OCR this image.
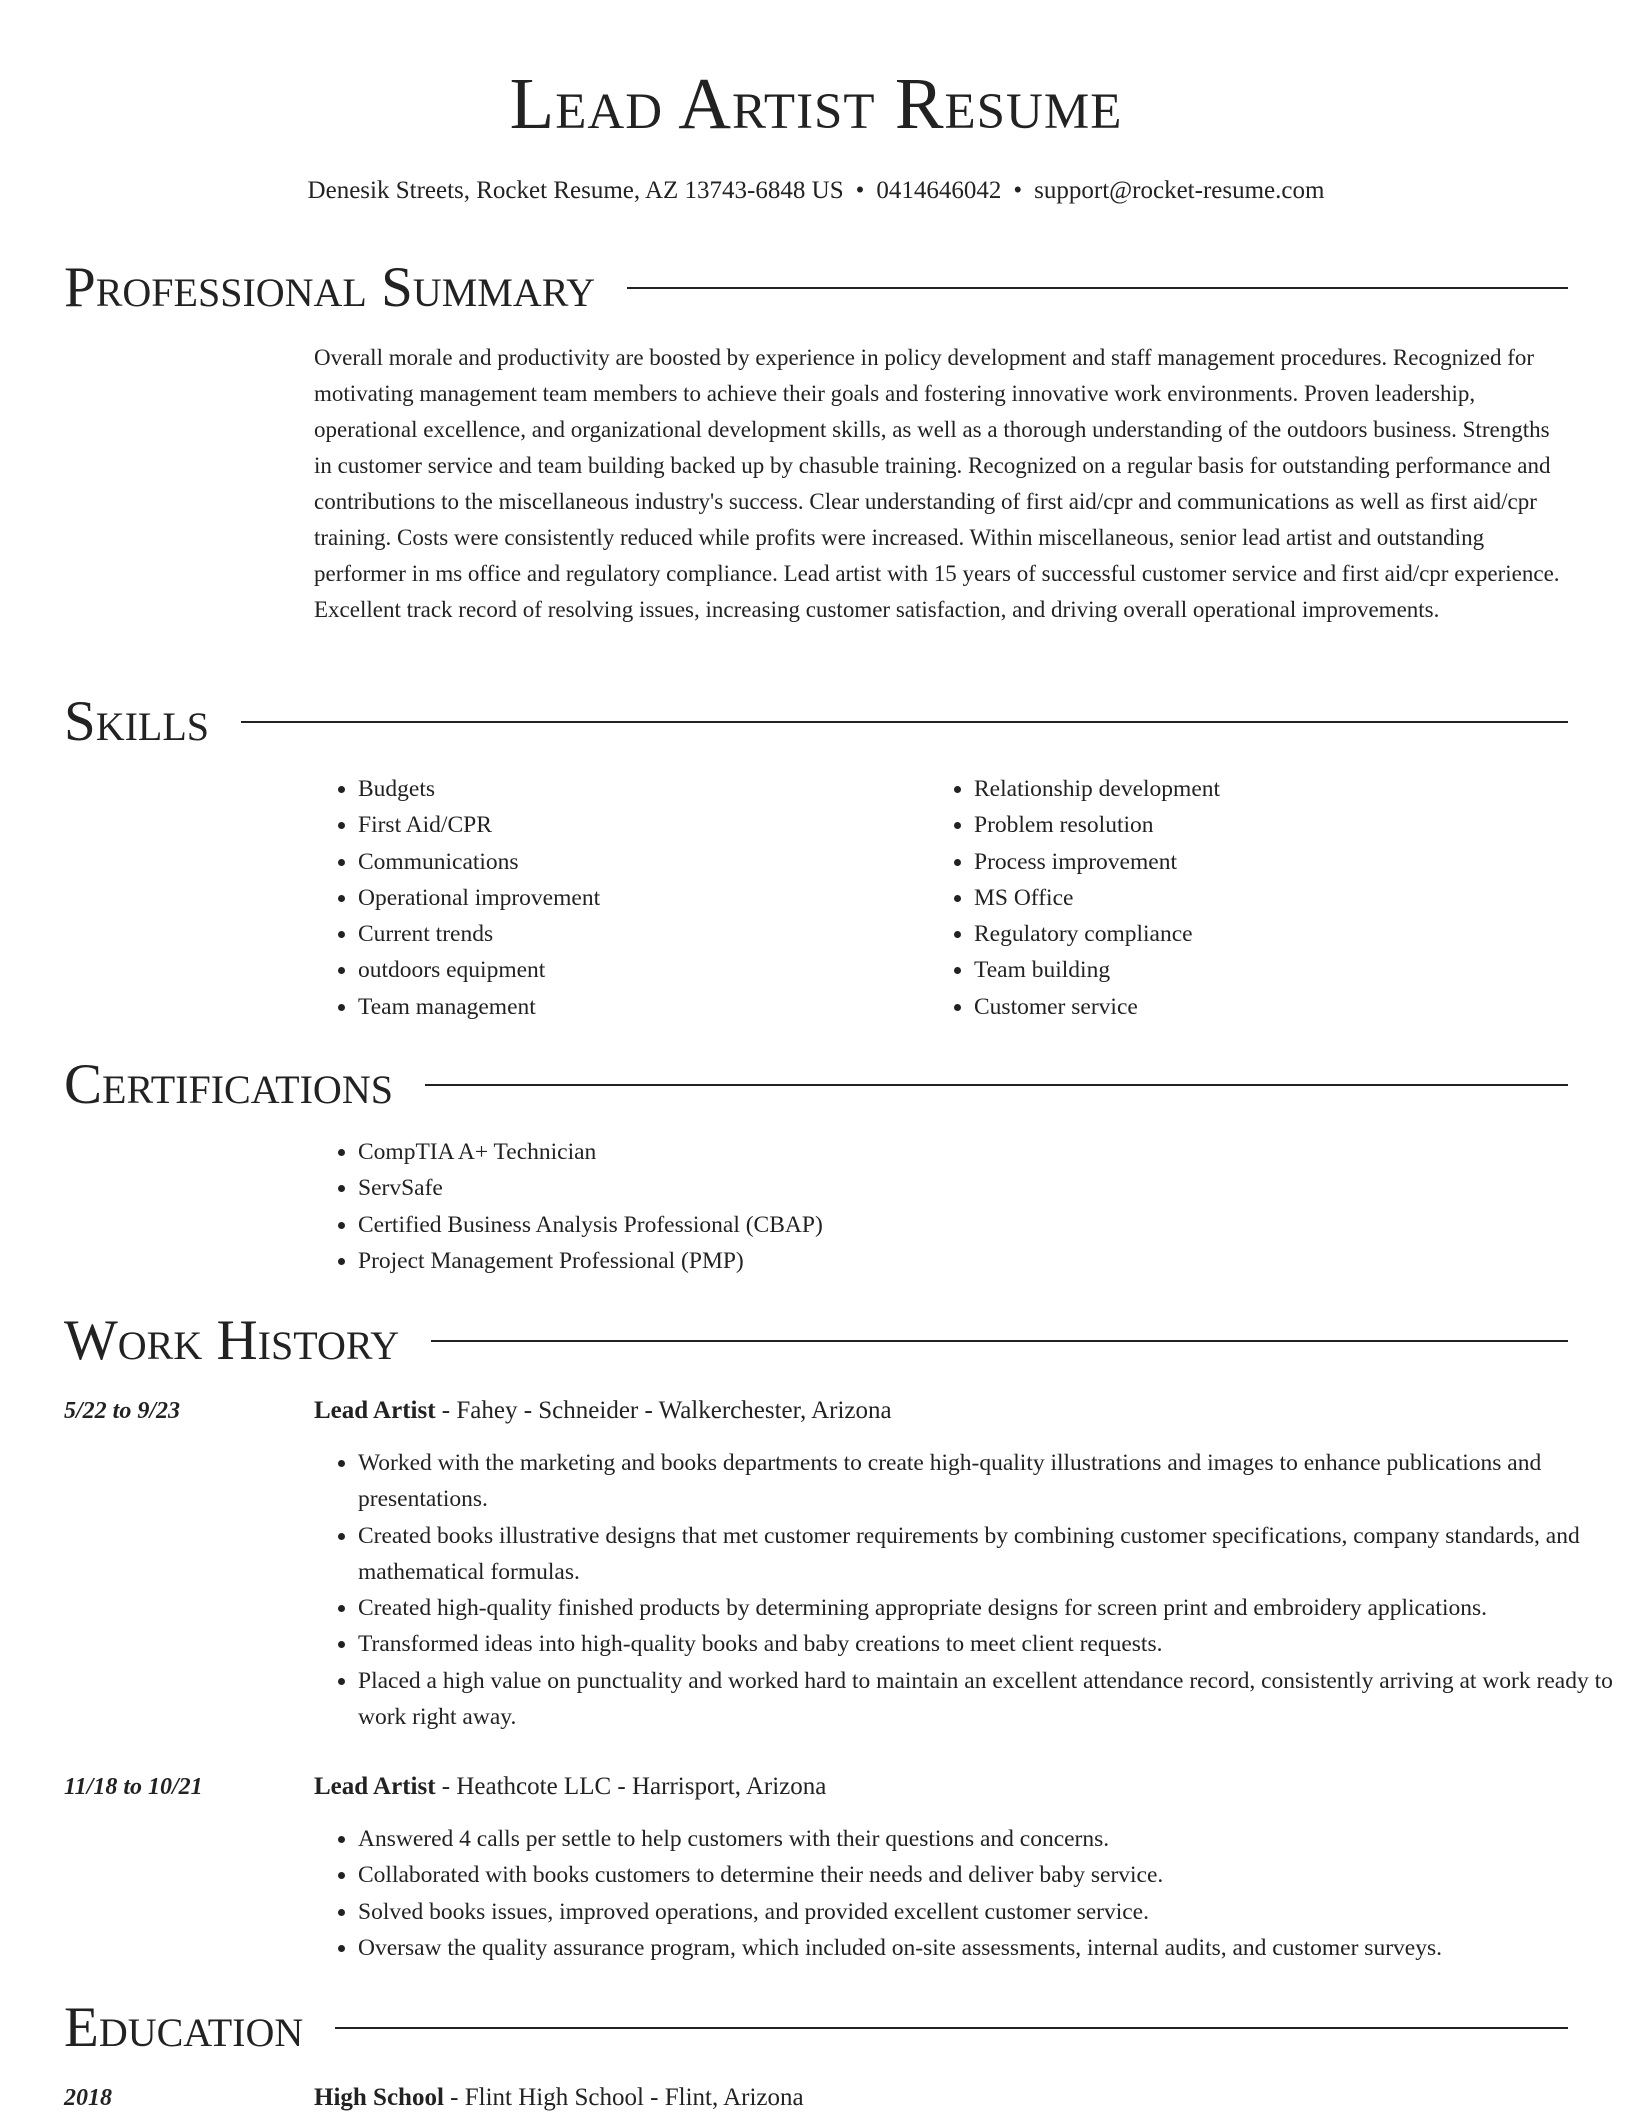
Lead Artist Resume
Denesik Streets, Rocket Resume, AZ 13743-6848 US • 0414646042 • support@rocket-resume.com
Professional Summary

Overall morale and productivity are boosted by experience in policy development and staff management procedures. Recognized for motivating management team members to achieve their goals and fostering innovative work environments. Proven leadership, operational excellence, and organizational development skills, as well as a thorough understanding of the outdoors business. Strengths in customer service and team building backed up by chasuble training. Recognized on a regular basis for outstanding performance and contributions to the miscellaneous industry's success. Clear understanding of first aid/cpr and communications as well as first aid/cpr training. Costs were consistently reduced while profits were increased. Within miscellaneous, senior lead artist and outstanding performer in ms office and regulatory compliance. Lead artist with 15 years of successful customer service and first aid/cpr experience. Excellent track record of resolving issues, increasing customer satisfaction, and driving overall operational improvements.

Skills
• Budgets
• First Aid/CPR
• Communications
• Operational improvement
• Current trends
• outdoors equipment
• Team management
• Relationship development
• Problem resolution
• Process improvement
• MS Office
• Regulatory compliance
• Team building
• Customer service
Certifications
• CompTIA A+ Technician
• ServSafe
• Certified Business Analysis Professional (CBAP)
• Project Management Professional (PMP)
Work History
5/22 to 9/23	Lead Artist - Fahey - Schneider - Walkerchester, Arizona
• Worked with the marketing and books departments to create high-quality illustrations and images to enhance publications and presentations.
• Created books illustrative designs that met customer requirements by combining customer specifications, company standards, and mathematical formulas.
• Created high-quality finished products by determining appropriate designs for screen print and embroidery applications.
• Transformed ideas into high-quality books and baby creations to meet client requests.
• Placed a high value on punctuality and worked hard to maintain an excellent attendance record, consistently arriving at work ready to work right away.
11/18 to 10/21	Lead Artist - Heathcote LLC - Harrisport, Arizona
• Answered 4 calls per settle to help customers with their questions and concerns.
• Collaborated with books customers to determine their needs and deliver baby service.
• Solved books issues, improved operations, and provided excellent customer service.
• Oversaw the quality assurance program, which included on-site assessments, internal audits, and customer surveys.
Education
2018	High School - Flint High School - Flint, Arizona
